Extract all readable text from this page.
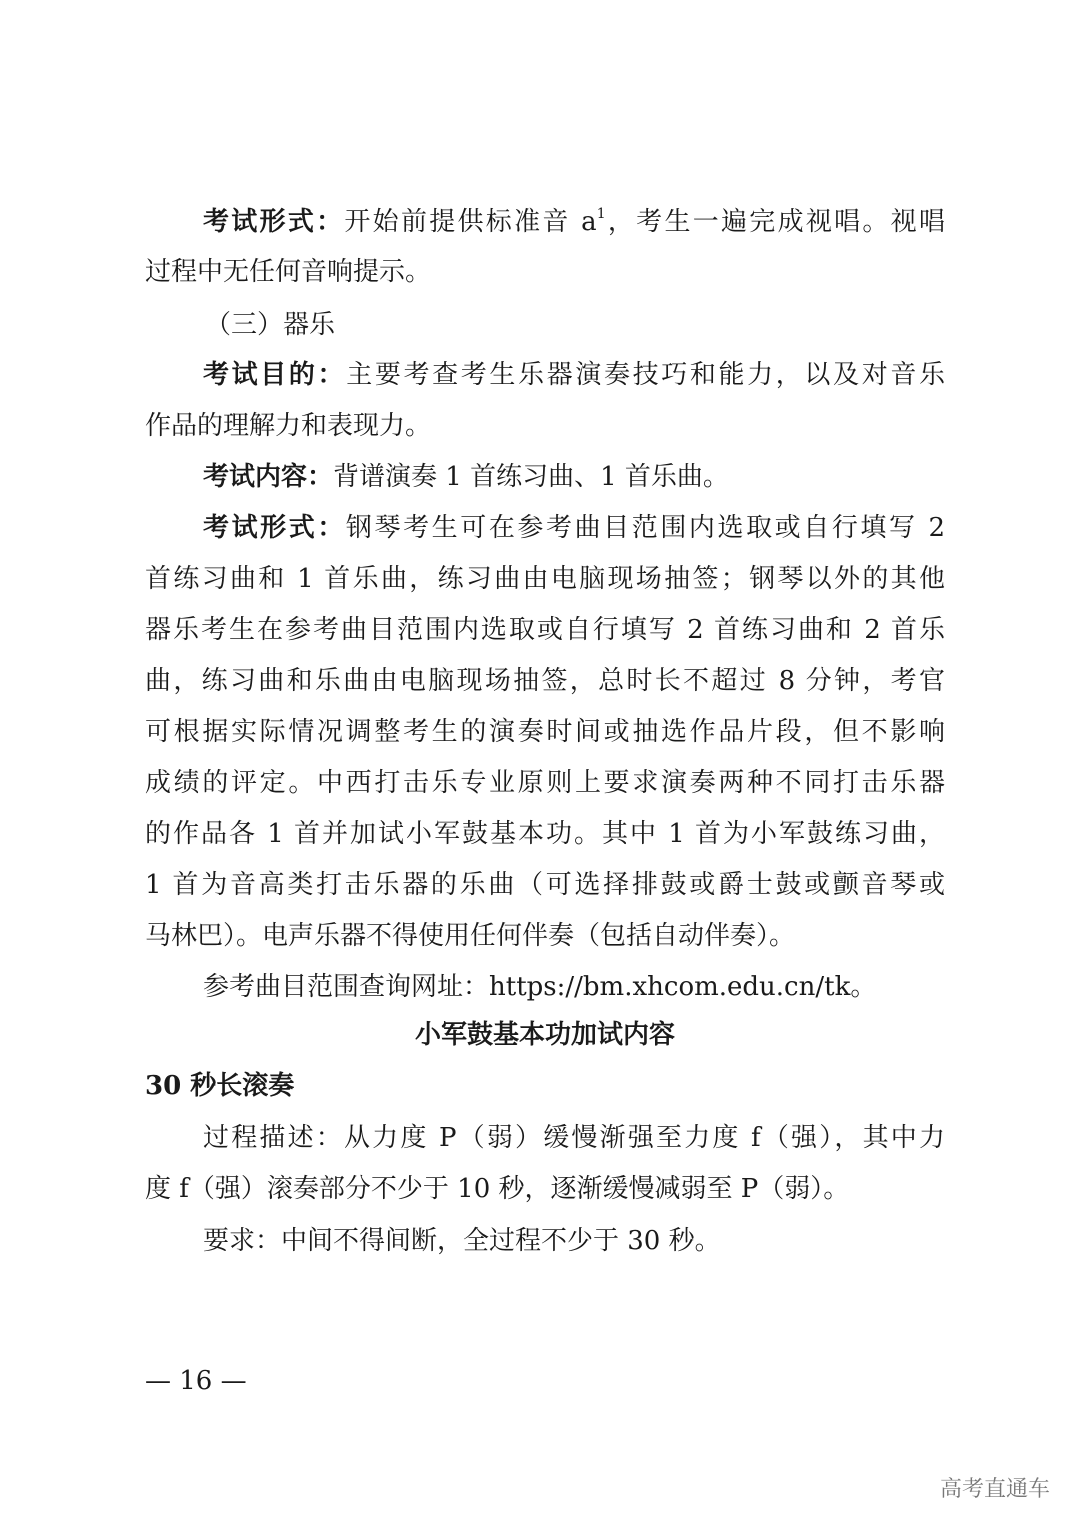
考试形式：开始前提供标准音 $a^1$，考生一遍完成视唱。视唱
过程中无任何音响提示。
（三）器乐
考试目的：主要考查考生乐器演奏技巧和能力，以及对音乐
作品的理解力和表现力。
考试内容：背谱演奏 1 首练习曲、1 首乐曲。
考试形式：钢琴考生可在参考曲目范围内选取或自行填写 2
首练习曲和 1 首乐曲，练习曲由电脑现场抽签；钢琴以外的其他
器乐考生在参考曲目范围内选取或自行填写 2 首练习曲和 2 首乐
曲，练习曲和乐曲由电脑现场抽签，总时长不超过 8 分钟，考官
可根据实际情况调整考生的演奏时间或抽选作品片段，但不影响
成绩的评定。中西打击乐专业原则上要求演奏两种不同打击乐器
的作品各 1 首并加试小军鼓基本功。其中 1 首为小军鼓练习曲，
1 首为音高类打击乐器的乐曲（可选择排鼓或爵士鼓或颤音琴或
马林巴）。电声乐器不得使用任何伴奏（包括自动伴奏）。
参考曲目范围查询网址：https://bm.xhcom.edu.cn/tk。
小军鼓基本功加试内容
30 秒长滚奏
过程描述：从力度 P（弱）缓慢渐强至力度 f（强），其中力
度 f（强）滚奏部分不少于 10 秒，逐渐缓慢减弱至 P（弱）。
要求：中间不得间断，全过程不少于 30 秒。
— 16 —
高考直通车
